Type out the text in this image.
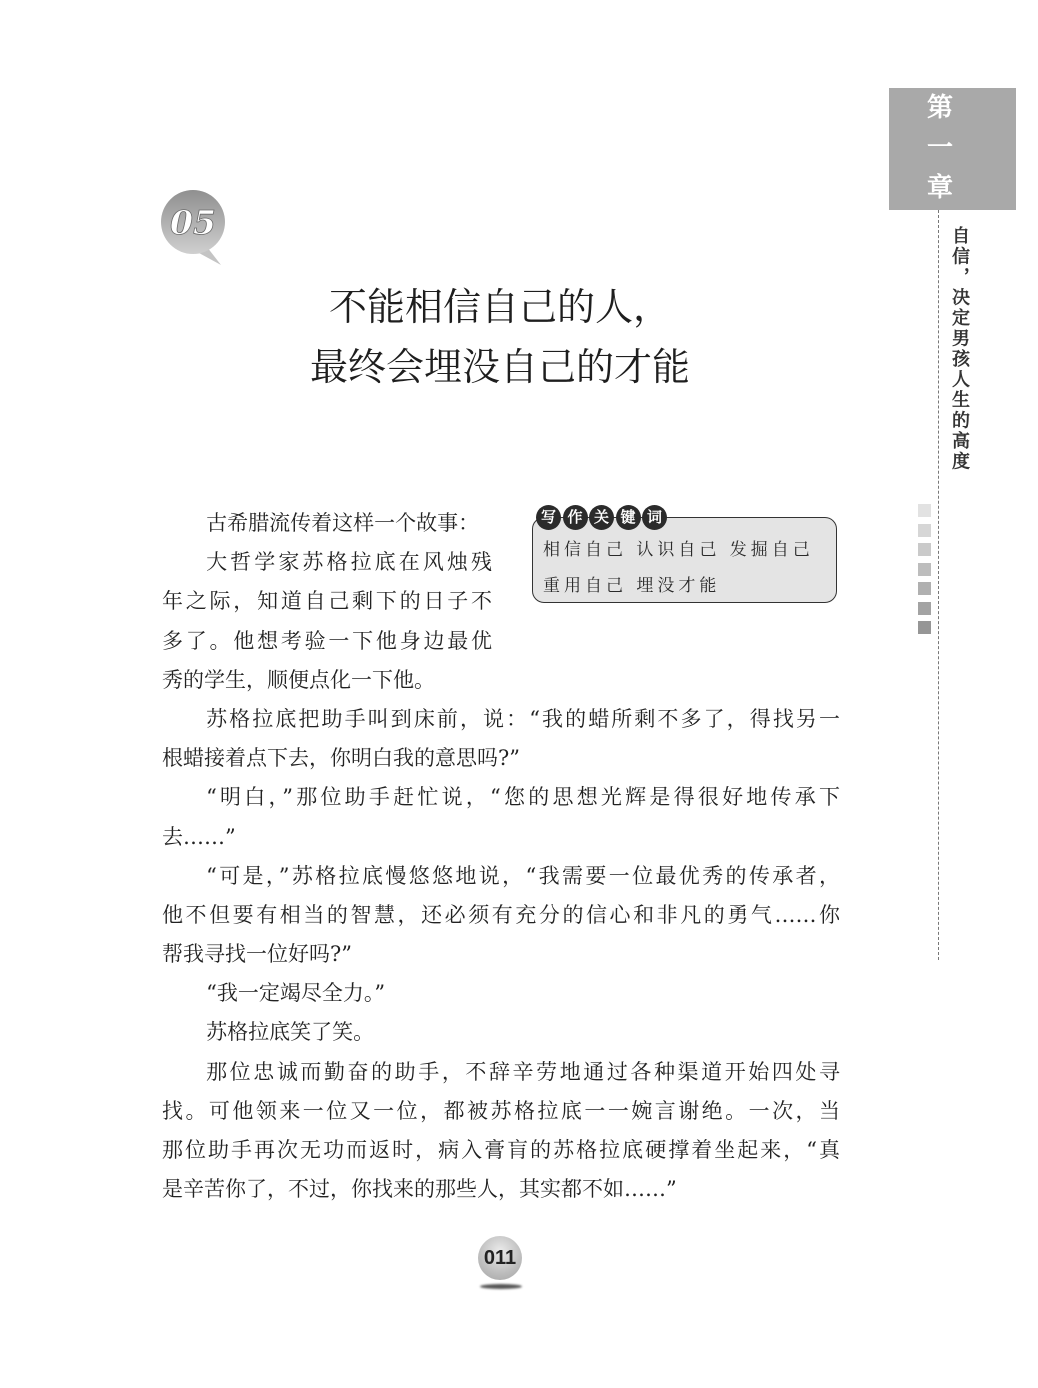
第
一
章
自信，决定男孩人生的高度
05
不能相信自己的人，
最终会埋没自己的才能
相信自己 认识自己 发掘自己
重用自己 埋没才能
写 作 关 键 词
古希腊流传着这样一个故事：
大哲学家苏格拉底在风烛残
年之际，知道自己剩下的日子不
多了。他想考验一下他身边最优
秀的学生，顺便点化一下他。
苏格拉底把助手叫到床前，说：“我的蜡所剩不多了，得找另一
根蜡接着点下去，你明白我的意思吗?”
“明白，”那位助手赶忙说，“您的思想光辉是得很好地传承下
去……”
“可是，”苏格拉底慢悠悠地说，“我需要一位最优秀的传承者，
他不但要有相当的智慧，还必须有充分的信心和非凡的勇气……你
帮我寻找一位好吗?”
“我一定竭尽全力。”
苏格拉底笑了笑。
那位忠诚而勤奋的助手，不辞辛劳地通过各种渠道开始四处寻
找。可他领来一位又一位，都被苏格拉底一一婉言谢绝。一次，当
那位助手再次无功而返时，病入膏肓的苏格拉底硬撑着坐起来，“真
是辛苦你了，不过，你找来的那些人，其实都不如……”
011
